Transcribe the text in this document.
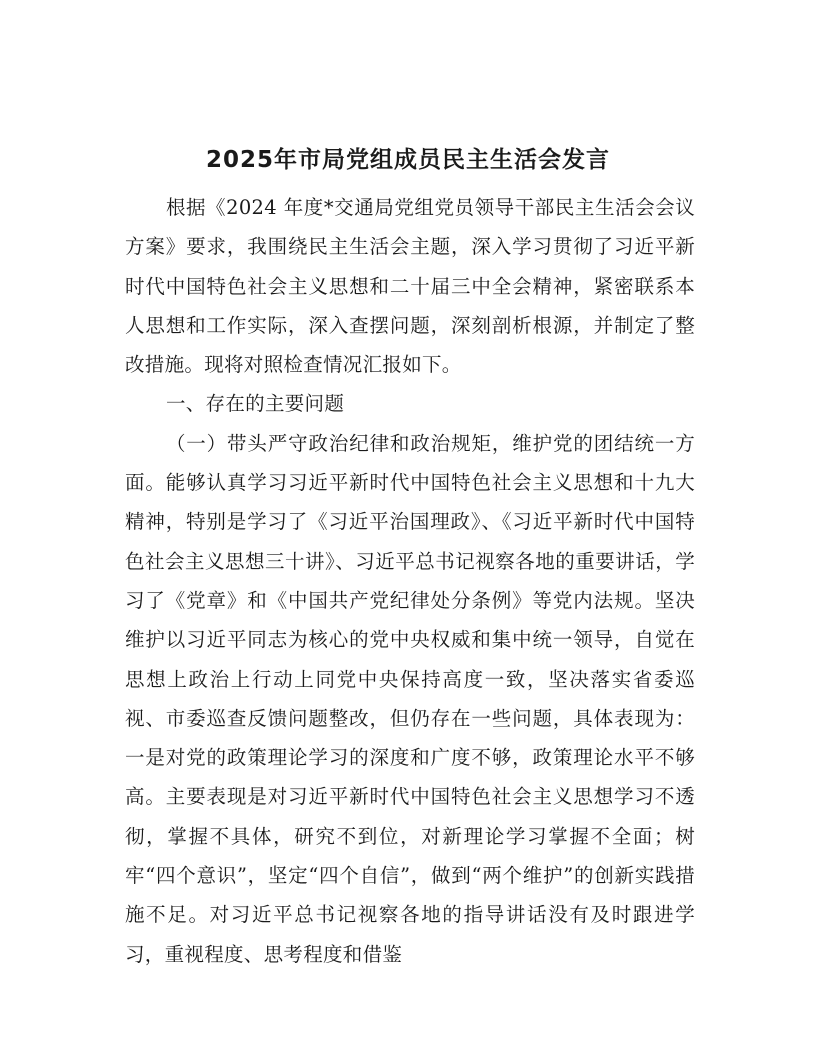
2025年市局党组成员民主生活会发言

根据《2024 年度*交通局党组党员领导干部民主生活会会议方案》要求，我围绕民主生活会主题，深入学习贯彻了习近平新时代中国特色社会主义思想和二十届三中全会精神，紧密联系本人思想和工作实际，深入查摆问题，深刻剖析根源，并制定了整改措施。现将对照检查情况汇报如下。

一、存在的主要问题

（一）带头严守政治纪律和政治规矩，维护党的团结统一方面。能够认真学习习近平新时代中国特色社会主义思想和十九大精神，特别是学习了《习近平治国理政》、《习近平新时代中国特色社会主义思想三十讲》、习近平总书记视察各地的重要讲话，学习了《党章》和《中国共产党纪律处分条例》等党内法规。坚决维护以习近平同志为核心的党中央权威和集中统一领导，自觉在思想上政治上行动上同党中央保持高度一致，坚决落实省委巡视、市委巡查反馈问题整改，但仍存在一些问题，具体表现为：一是对党的政策理论学习的深度和广度不够，政策理论水平不够高。主要表现是对习近平新时代中国特色社会主义思想学习不透彻，掌握不具体，研究不到位，对新理论学习掌握不全面；树牢“四个意识”，坚定“四个自信”，做到“两个维护”的创新实践措施不足。对习近平总书记视察各地的指导讲话没有及时跟进学习，重视程度、思考程度和借鉴
